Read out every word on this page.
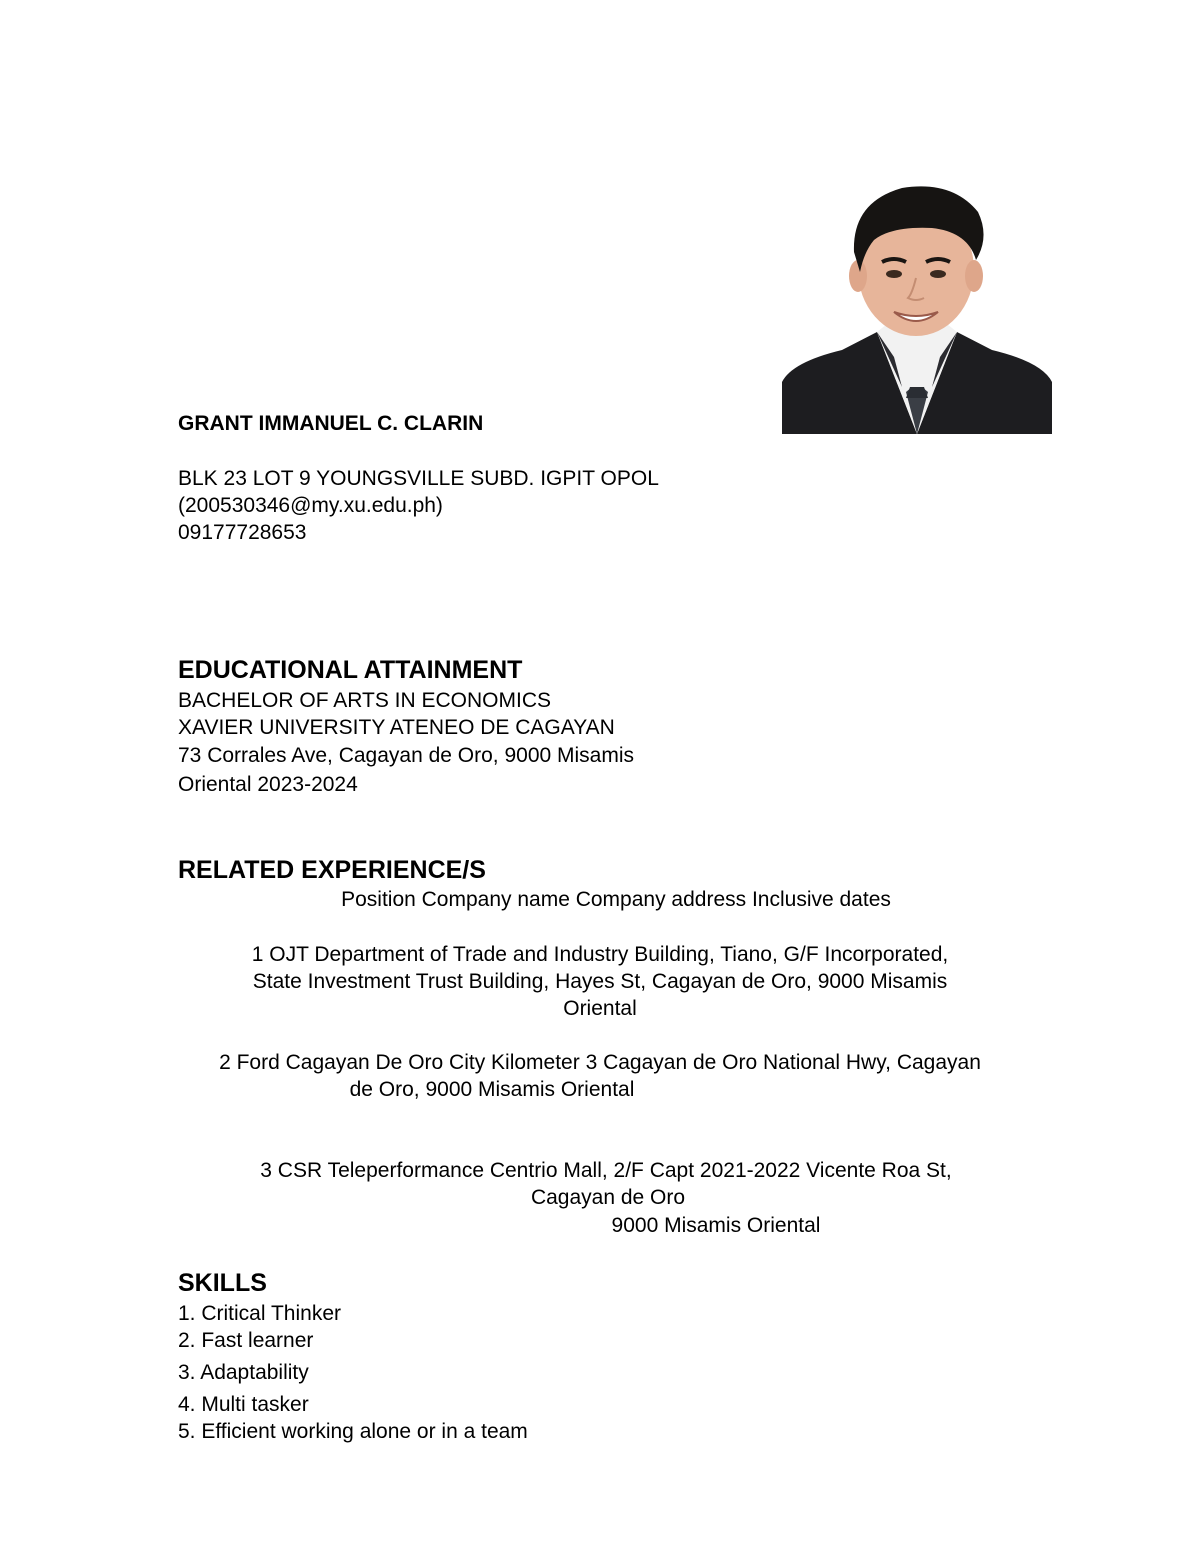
GRANT IMMANUEL C. CLARIN

BLK 23 LOT 9 YOUNGSVILLE SUBD. IGPIT OPOL

(200530346@my.xu.edu.ph)

09177728653

EDUCATIONAL ATTAINMENT

BACHELOR OF ARTS IN ECONOMICS

XAVIER UNIVERSITY ATENEO DE CAGAYAN

73 Corrales Ave, Cagayan de Oro, 9000 Misamis

Oriental 2023-2024

RELATED EXPERIENCE/S

Position Company name Company address Inclusive dates

1 OJT Department of Trade and Industry Building, Tiano, G/F Incorporated,

State Investment Trust Building, Hayes St, Cagayan de Oro, 9000 Misamis

Oriental

2 Ford Cagayan De Oro City Kilometer 3 Cagayan de Oro National Hwy, Cagayan

de Oro, 9000 Misamis Oriental

3 CSR Teleperformance Centrio Mall, 2/F Capt 2021-2022 Vicente Roa St,

Cagayan de Oro

9000 Misamis Oriental

SKILLS

1. Critical Thinker

2. Fast learner

3. Adaptability

4. Multi tasker

5. Efficient working alone or in a team
